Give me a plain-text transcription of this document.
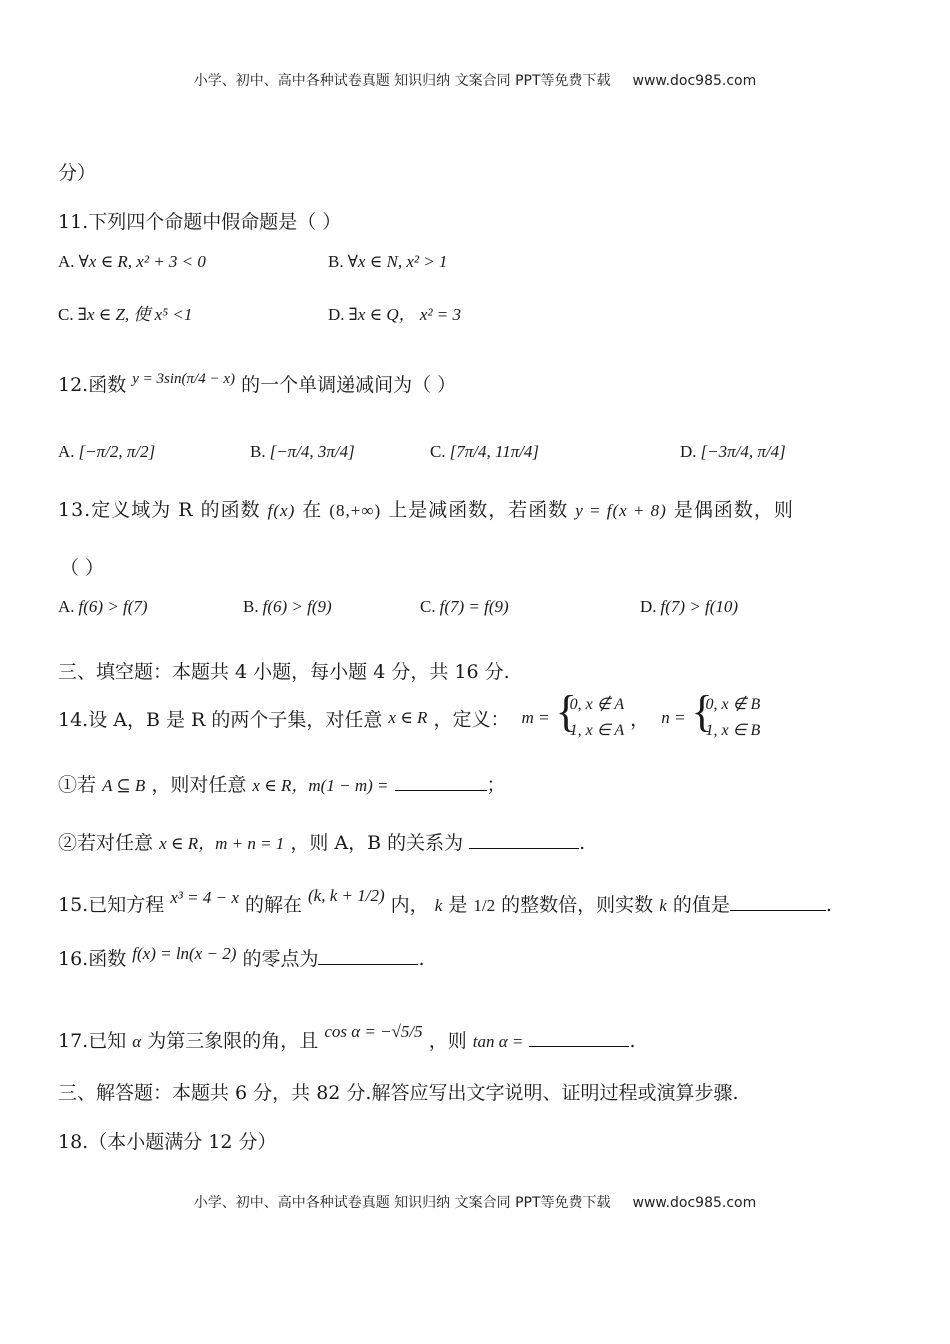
小学、初中、高中各种试卷真题 知识归纳 文案合同 PPT等免费下载 www.doc985.com
分）
11.下列四个命题中假命题是（ ）
A. ∀x ∈ R, x² + 3 < 0	B. ∀x ∈ N, x² > 1
C. ∃x ∈ Z, 使 x⁵ <1	D. ∃x ∈ Q， x² = 3
12.函数 $^{y = 3sin(\pi/4 - x)}$ 的一个单调递减间为（ ）
A. [−π/2, π/2]	B. [−π/4, 3π/4]	C. [7π/4, 11π/4]	D. [−3π/4, π/4]
13.定义域为 R 的函数 f(x) 在 (8,+∞) 上是减函数，若函数 y = f(x + 8) 是偶函数，则
（ ）
A. f(6) > f(7)	B. f(6) > f(9)	C. f(7) = f(9)	D. f(7) > f(10)
三、填空题：本题共 4 小题，每小题 4 分，共 16 分.
14.设 A，B 是 R 的两个子集，对任意 x ∈ R ，定义： m = {
0, x ∉ A
1, x ∈ A ， n = {
0, x ∉ B
1, x ∈ B
①若 A ⊆ B ，则对任意 x ∈ R，m(1 − m) =	；
②若对任意 x ∈ R，m + n = 1 ，则 A，B 的关系为	.
15.已知方程 x³ = 4 − x 的解在 (k, k + 1/2) 内， k 是 1/2 的整数倍，则实数 k 的值是	.
16.函数 f(x) = ln(x − 2) 的零点为	.
17.已知 α 为第三象限的角，且 cos α = −√5/5 ，则 tan α =	.
三、解答题：本题共 6 分，共 82 分.解答应写出文字说明、证明过程或演算步骤.
18.（本小题满分 12 分）
小学、初中、高中各种试卷真题 知识归纳 文案合同 PPT等免费下载 www.doc985.com
